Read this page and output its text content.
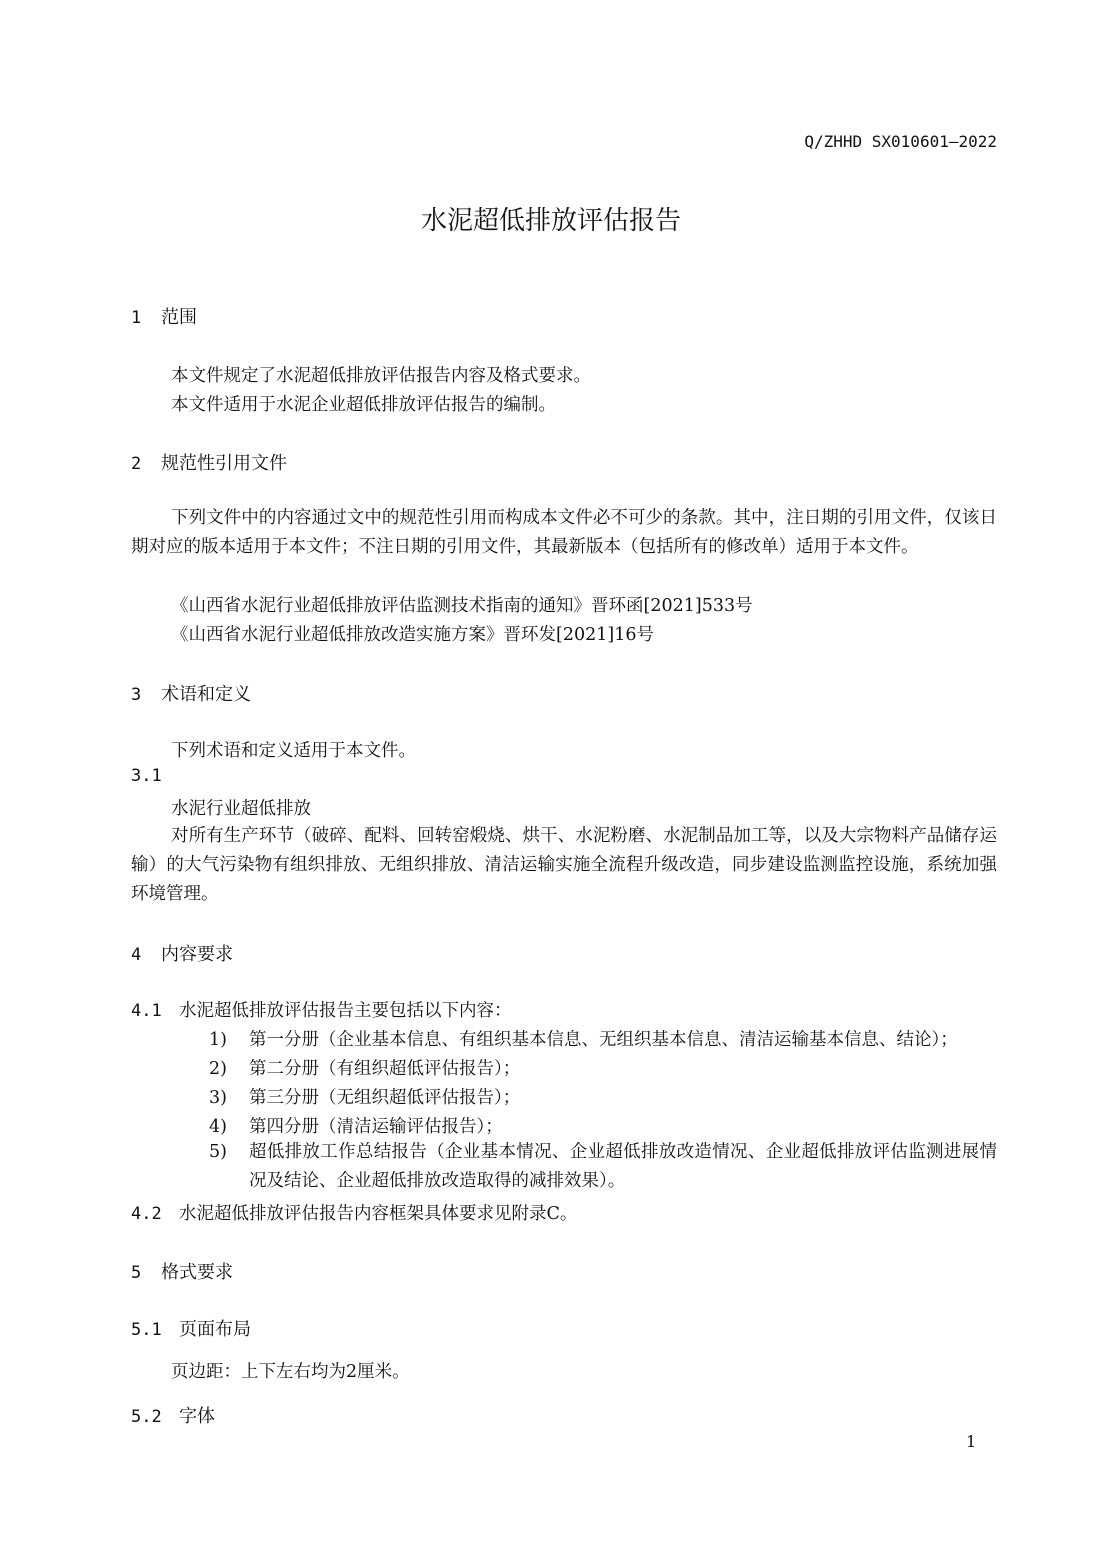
Q/ZHHD SX010601—2022
水泥超低排放评估报告
1 范围
本文件规定了水泥超低排放评估报告内容及格式要求。
本文件适用于水泥企业超低排放评估报告的编制。
2 规范性引用文件
下列文件中的内容通过文中的规范性引用而构成本文件必不可少的条款。其中，注日期的引用文件，仅该日期对应的版本适用于本文件；不注日期的引用文件，其最新版本（包括所有的修改单）适用于本文件。
《山西省水泥行业超低排放评估监测技术指南的通知》晋环函[2021]533号
《山西省水泥行业超低排放改造实施方案》晋环发[2021]16号
3 术语和定义
下列术语和定义适用于本文件。
3.1
水泥行业超低排放
对所有生产环节（破碎、配料、回转窑煅烧、烘干、水泥粉磨、水泥制品加工等，以及大宗物料产品储存运输）的大气污染物有组织排放、无组织排放、清洁运输实施全流程升级改造，同步建设监测监控设施，系统加强环境管理。
4 内容要求
4.1 水泥超低排放评估报告主要包括以下内容：
1) 第一分册（企业基本信息、有组织基本信息、无组织基本信息、清洁运输基本信息、结论）；
2) 第二分册（有组织超低评估报告）；
3) 第三分册（无组织超低评估报告）；
4) 第四分册（清洁运输评估报告）；
5)	超低排放工作总结报告（企业基本情况、企业超低排放改造情况、企业超低排放评估监测进展情况及结论、企业超低排放改造取得的减排效果）。
4.2 水泥超低排放评估报告内容框架具体要求见附录C。
5 格式要求
5.1 页面布局
页边距：上下左右均为2厘米。
5.2 字体
1
